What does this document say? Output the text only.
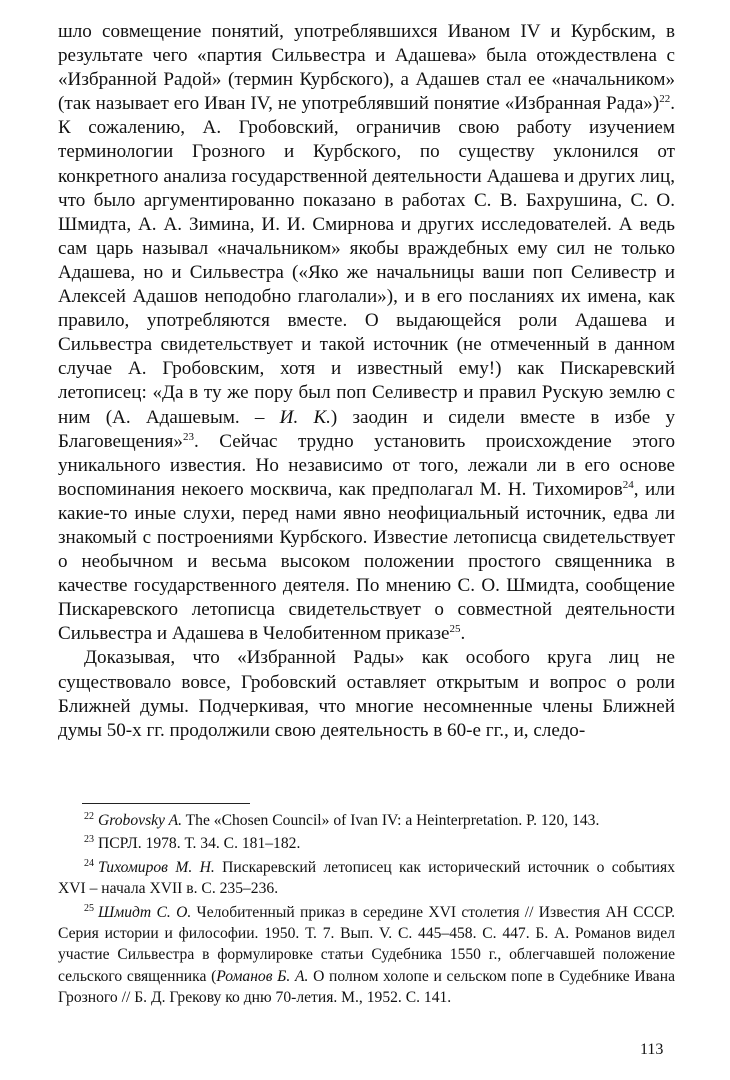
шло совмещение понятий, употреблявшихся Иваном IV и Курбским, в результате чего «партия Сильвестра и Адашева» была отождествлена с «Избранной Радой» (термин Курбского), а Адашев стал ее «начальником» (так называет его Иван IV, не употреблявший понятие «Избранная Рада»)$^{22}$. К сожалению, А. Гробовский, ограничив свою работу изучением терминологии Грозного и Курбского, по существу уклонился от конкретного анализа государственной деятельности Адашева и других лиц, что было аргументированно показано в работах С. В. Бахрушина, С. О. Шмидта, А. А. Зимина, И. И. Смирнова и других исследователей. А ведь сам царь называл «начальником» якобы враждебных ему сил не только Адашева, но и Сильвестра («Яко же начальницы ваши поп Селивестр и Алексей Адашов неподобно глаголали»), и в его посланиях их имена, как правило, употребляются вместе. О выдающейся роли Адашева и Сильвестра свидетельствует и такой источник (не отмеченный в данном случае А. Гробовским, хотя и известный ему!) как Пискаревский летописец: «Да в ту же пору был поп Селивестр и правил Рускую землю с ним (А. Адашевым. – И. К.) заодин и сидели вместе в избе у Благовещения»$^{23}$. Сейчас трудно установить происхождение этого уникального известия. Но независимо от того, лежали ли в его основе воспоминания некоего москвича, как предполагал М. Н. Тихомиров$^{24}$, или какие-то иные слухи, перед нами явно неофициальный источник, едва ли знакомый с построениями Курбского. Известие летописца свидетельствует о необычном и весьма высоком положении простого священника в качестве государственного деятеля. По мнению С. О. Шмидта, сообщение Пискаревского летописца свидетельствует о совместной деятельности Сильвестра и Адашева в Челобитенном приказе$^{25}$.

Доказывая, что «Избранной Рады» как особого круга лиц не существовало вовсе, Гробовский оставляет открытым и вопрос о роли Ближней думы. Подчеркивая, что многие несомненные члены Ближней думы 50-х гг. продолжили свою деятельность в 60-е гг., и, следо-

$^{22}$ Grobovsky A. The «Chosen Council» of Ivan IV: a Heinterpretation. P. 120, 143.

$^{23}$ ПСРЛ. 1978. Т. 34. С. 181–182.

$^{24}$ Тихомиров М. Н. Пискаревский летописец как исторический источник о событиях XVI – начала XVII в. С. 235–236.

$^{25}$ Шмидт С. О. Челобитенный приказ в середине XVI столетия // Известия АН СССР. Серия истории и философии. 1950. Т. 7. Вып. V. С. 445–458. С. 447. Б. А. Романов видел участие Сильвестра в формулировке статьи Судебника 1550 г., облегчавшей положение сельского священника (Романов Б. А. О полном холопе и сельском попе в Судебнике Ивана Грозного // Б. Д. Грекову ко дню 70-летия. М., 1952. С. 141.

113
